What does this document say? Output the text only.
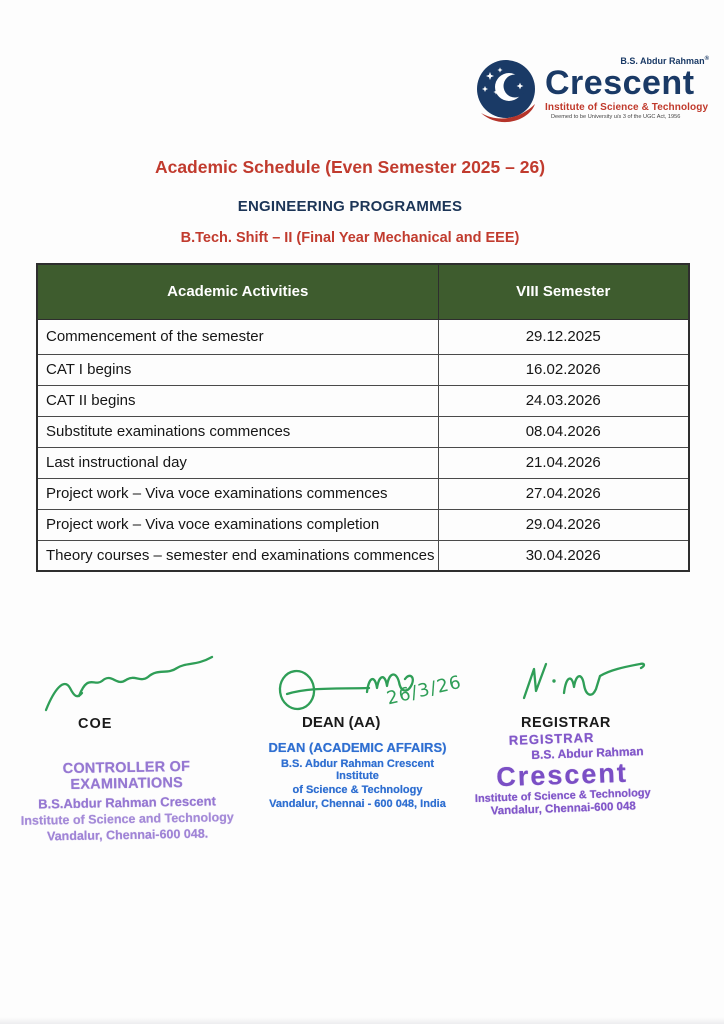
B.S. Abdur Rahman®
Crescent
Institute of Science & Technology
Deemed to be University u/s 3 of the UGC Act, 1956
Academic Schedule (Even Semester 2025 – 26)
ENGINEERING PROGRAMMES
B.Tech. Shift – II (Final Year Mechanical and EEE)
Academic Activities	VIII Semester
Commencement of the semester	29.12.2025
CAT I begins	16.02.2026
CAT II begins	24.03.2026
Substitute examinations commences	08.04.2026
Last instructional day	21.04.2026
Project work – Viva voce examinations commences	27.04.2026
Project work – Viva voce examinations completion	29.04.2026
Theory courses – semester end examinations commences	30.04.2026
COE
CONTROLLER OF EXAMINATIONS
B.S.Abdur Rahman Crescent
Institute of Science and Technology
Vandalur, Chennai-600 048.
26/3/26
DEAN (AA)
DEAN (ACADEMIC AFFAIRS)
B.S. Abdur Rahman Crescent Institute
of Science & Technology
Vandalur, Chennai - 600 048, India
REGISTRAR
REGISTRAR
B.S. Abdur Rahman
Crescent
Institute of Science & Technology
Vandalur, Chennai-600 048
